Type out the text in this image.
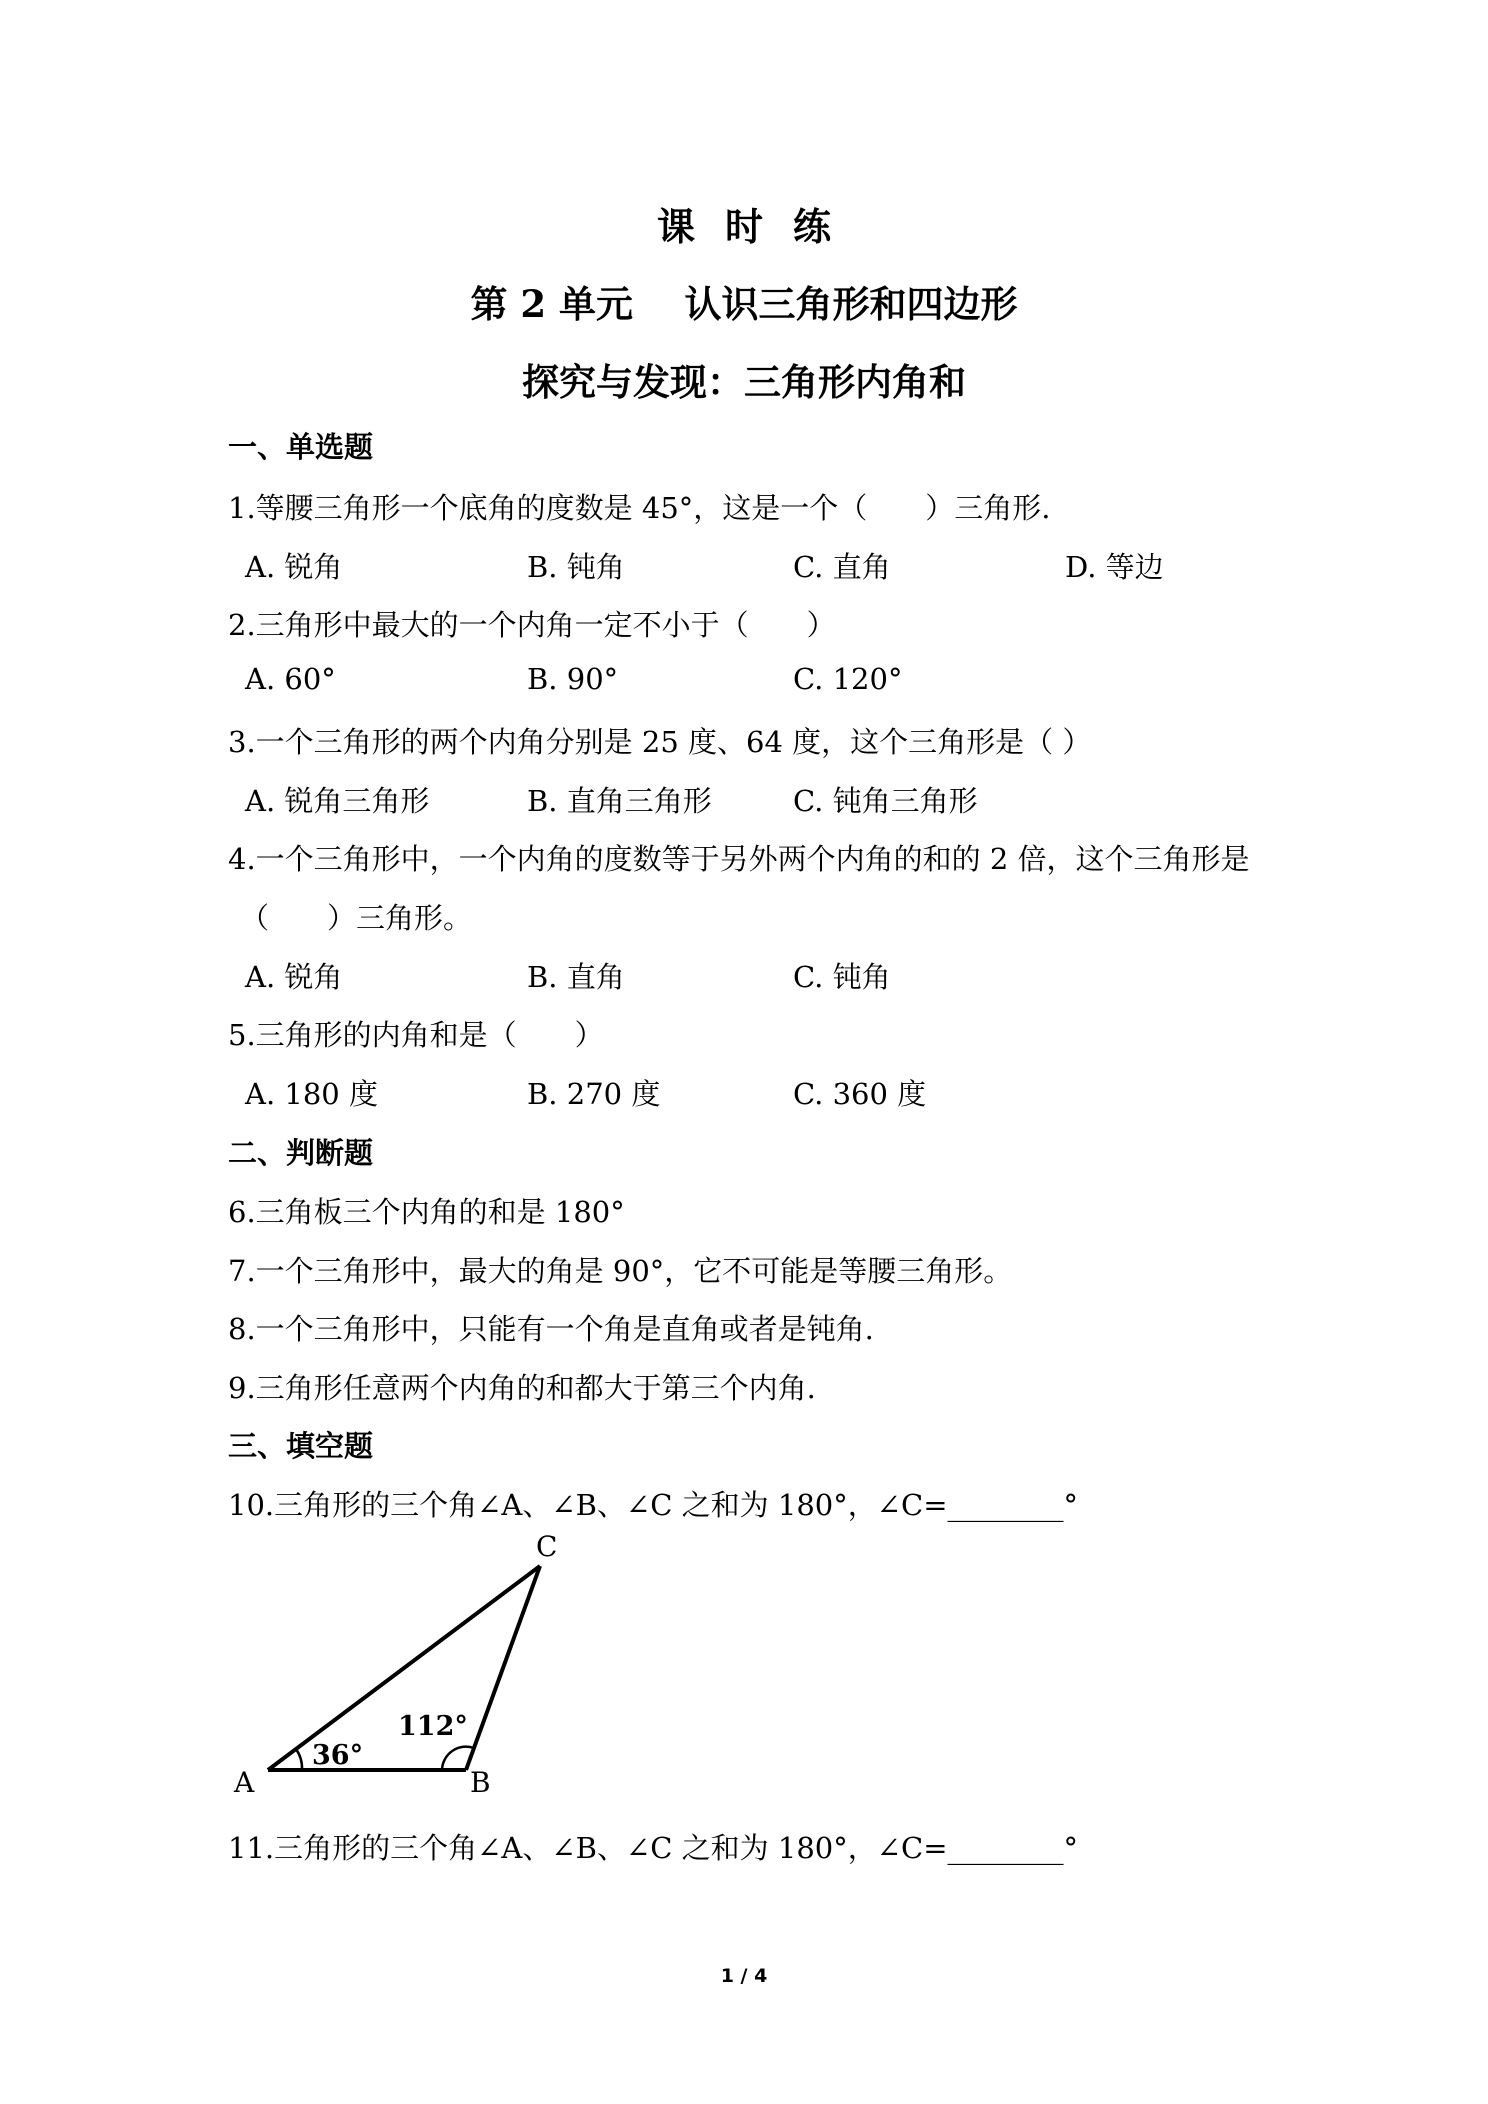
课时练
第 2 单元    认识三角形和四边形
探究与发现：三角形内角和
一、单选题
1.等腰三角形一个底角的度数是 45°，这是一个（　　）三角形.
A. 锐角	B. 钝角	C. 直角	D. 等边
2.三角形中最大的一个内角一定不小于（　　）
A. 60°	B. 90°	C. 120°
3.一个三角形的两个内角分别是 25 度、64 度，这个三角形是（ ）
A. 锐角三角形	B. 直角三角形	C. 钝角三角形
4.一个三角形中，一个内角的度数等于另外两个内角的和的 2 倍，这个三角形是
（　　）三角形。
A. 锐角	B. 直角	C. 钝角
5.三角形的内角和是（　　）
A. 180 度	B. 270 度	C. 360 度
二、判断题
6.三角板三个内角的和是 180°
7.一个三角形中，最大的角是 90°，它不可能是等腰三角形。
8.一个三角形中，只能有一个角是直角或者是钝角.
9.三角形任意两个内角的和都大于第三个内角.
三、填空题
10.三角形的三个角∠A、∠B、∠C 之和为 180°，∠C=________°
36°
112°
A	B
C
11.三角形的三个角∠A、∠B、∠C 之和为 180°，∠C=________°
1 / 4
